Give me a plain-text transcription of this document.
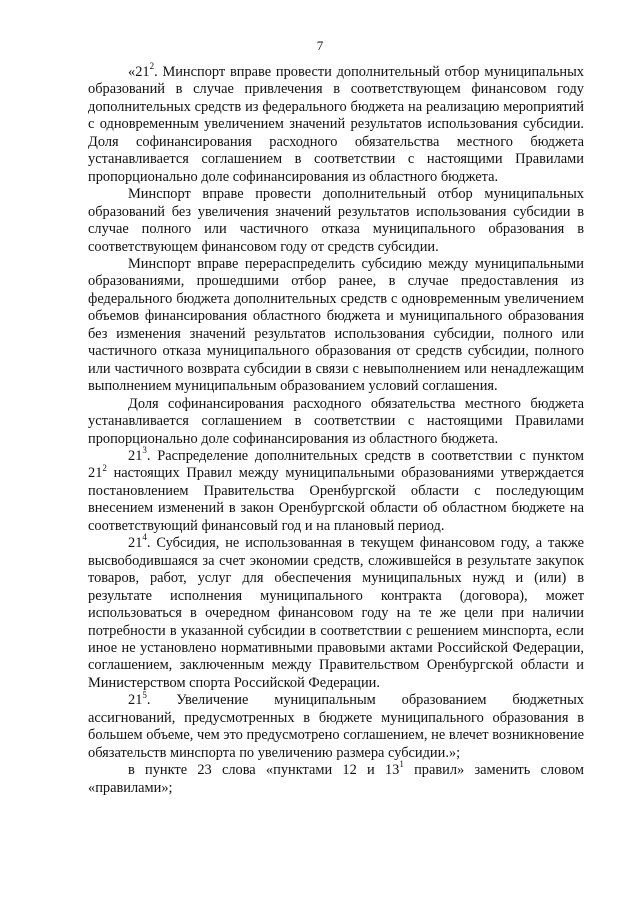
7

«$21^2$. Минспорт вправе провести дополнительный отбор муниципальных образований в случае привлечения в соответствующем финансовом году дополнительных средств из федерального бюджета на реализацию мероприятий с одновременным увеличением значений результатов использования субсидии. Доля софинансирования расходного обязательства местного бюджета устанавливается соглашением в соответствии с настоящими Правилами пропорционально доле софинансирования из областного бюджета.

Минспорт вправе провести дополнительный отбор муниципальных образований без увеличения значений результатов использования субсидии в случае полного или частичного отказа муниципального образования в соответствующем финансовом году от средств субсидии.

Минспорт вправе перераспределить субсидию между муниципальными образованиями, прошедшими отбор ранее, в случае предоставления из федерального бюджета дополнительных средств с одновременным увеличением объемов финансирования областного бюджета и муниципального образования без изменения значений результатов использования субсидии, полного или частичного отказа муниципального образования от средств субсидии, полного или частичного возврата субсидии в связи с невыполнением или ненадлежащим выполнением муниципальным образованием условий соглашения.

Доля софинансирования расходного обязательства местного бюджета устанавливается соглашением в соответствии с настоящими Правилами пропорционально доле софинансирования из областного бюджета.

$21^3$. Распределение дополнительных средств в соответствии с пунктом $21^2$ настоящих Правил между муниципальными образованиями утверждается постановлением Правительства Оренбургской области с последующим внесением изменений в закон Оренбургской области об областном бюджете на соответствующий финансовый год и на плановый период.

$21^4$. Субсидия, не использованная в текущем финансовом году, а также высвободившаяся за счет экономии средств, сложившейся в результате закупок товаров, работ, услуг для обеспечения муниципальных нужд и (или) в результате исполнения муниципального контракта (договора), может использоваться в очередном финансовом году на те же цели при наличии потребности в указанной субсидии в соответствии с решением минспорта, если иное не установлено нормативными правовыми актами Российской Федерации, соглашением, заключенным между Правительством Оренбургской области и Министерством спорта Российской Федерации.

$21^5$. Увеличение муниципальным образованием бюджетных ассигнований, предусмотренных в бюджете муниципального образования в большем объеме, чем это предусмотрено соглашением, не влечет возникновение обязательств минспорта по увеличению размера субсидии.»;

в пункте 23 слова «пунктами 12 и $13^1$ правил» заменить словом «правилами»;
